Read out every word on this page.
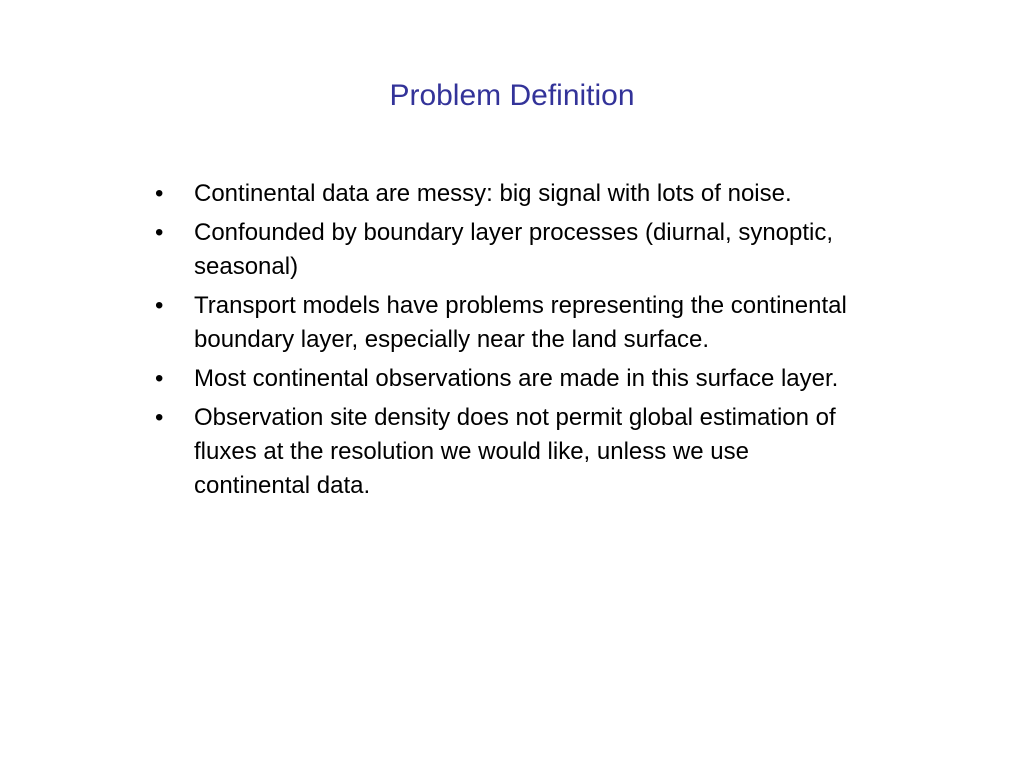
Problem Definition
•	Continental data are messy: big signal with lots of noise.
•	Confounded by boundary layer processes (diurnal, synoptic, seasonal)
•	Transport models have problems representing the continental boundary layer, especially near the land surface.
•	Most continental observations are made in this surface layer.
•	Observation site density does not permit global estimation of fluxes at the resolution we would like, unless we use continental data.
